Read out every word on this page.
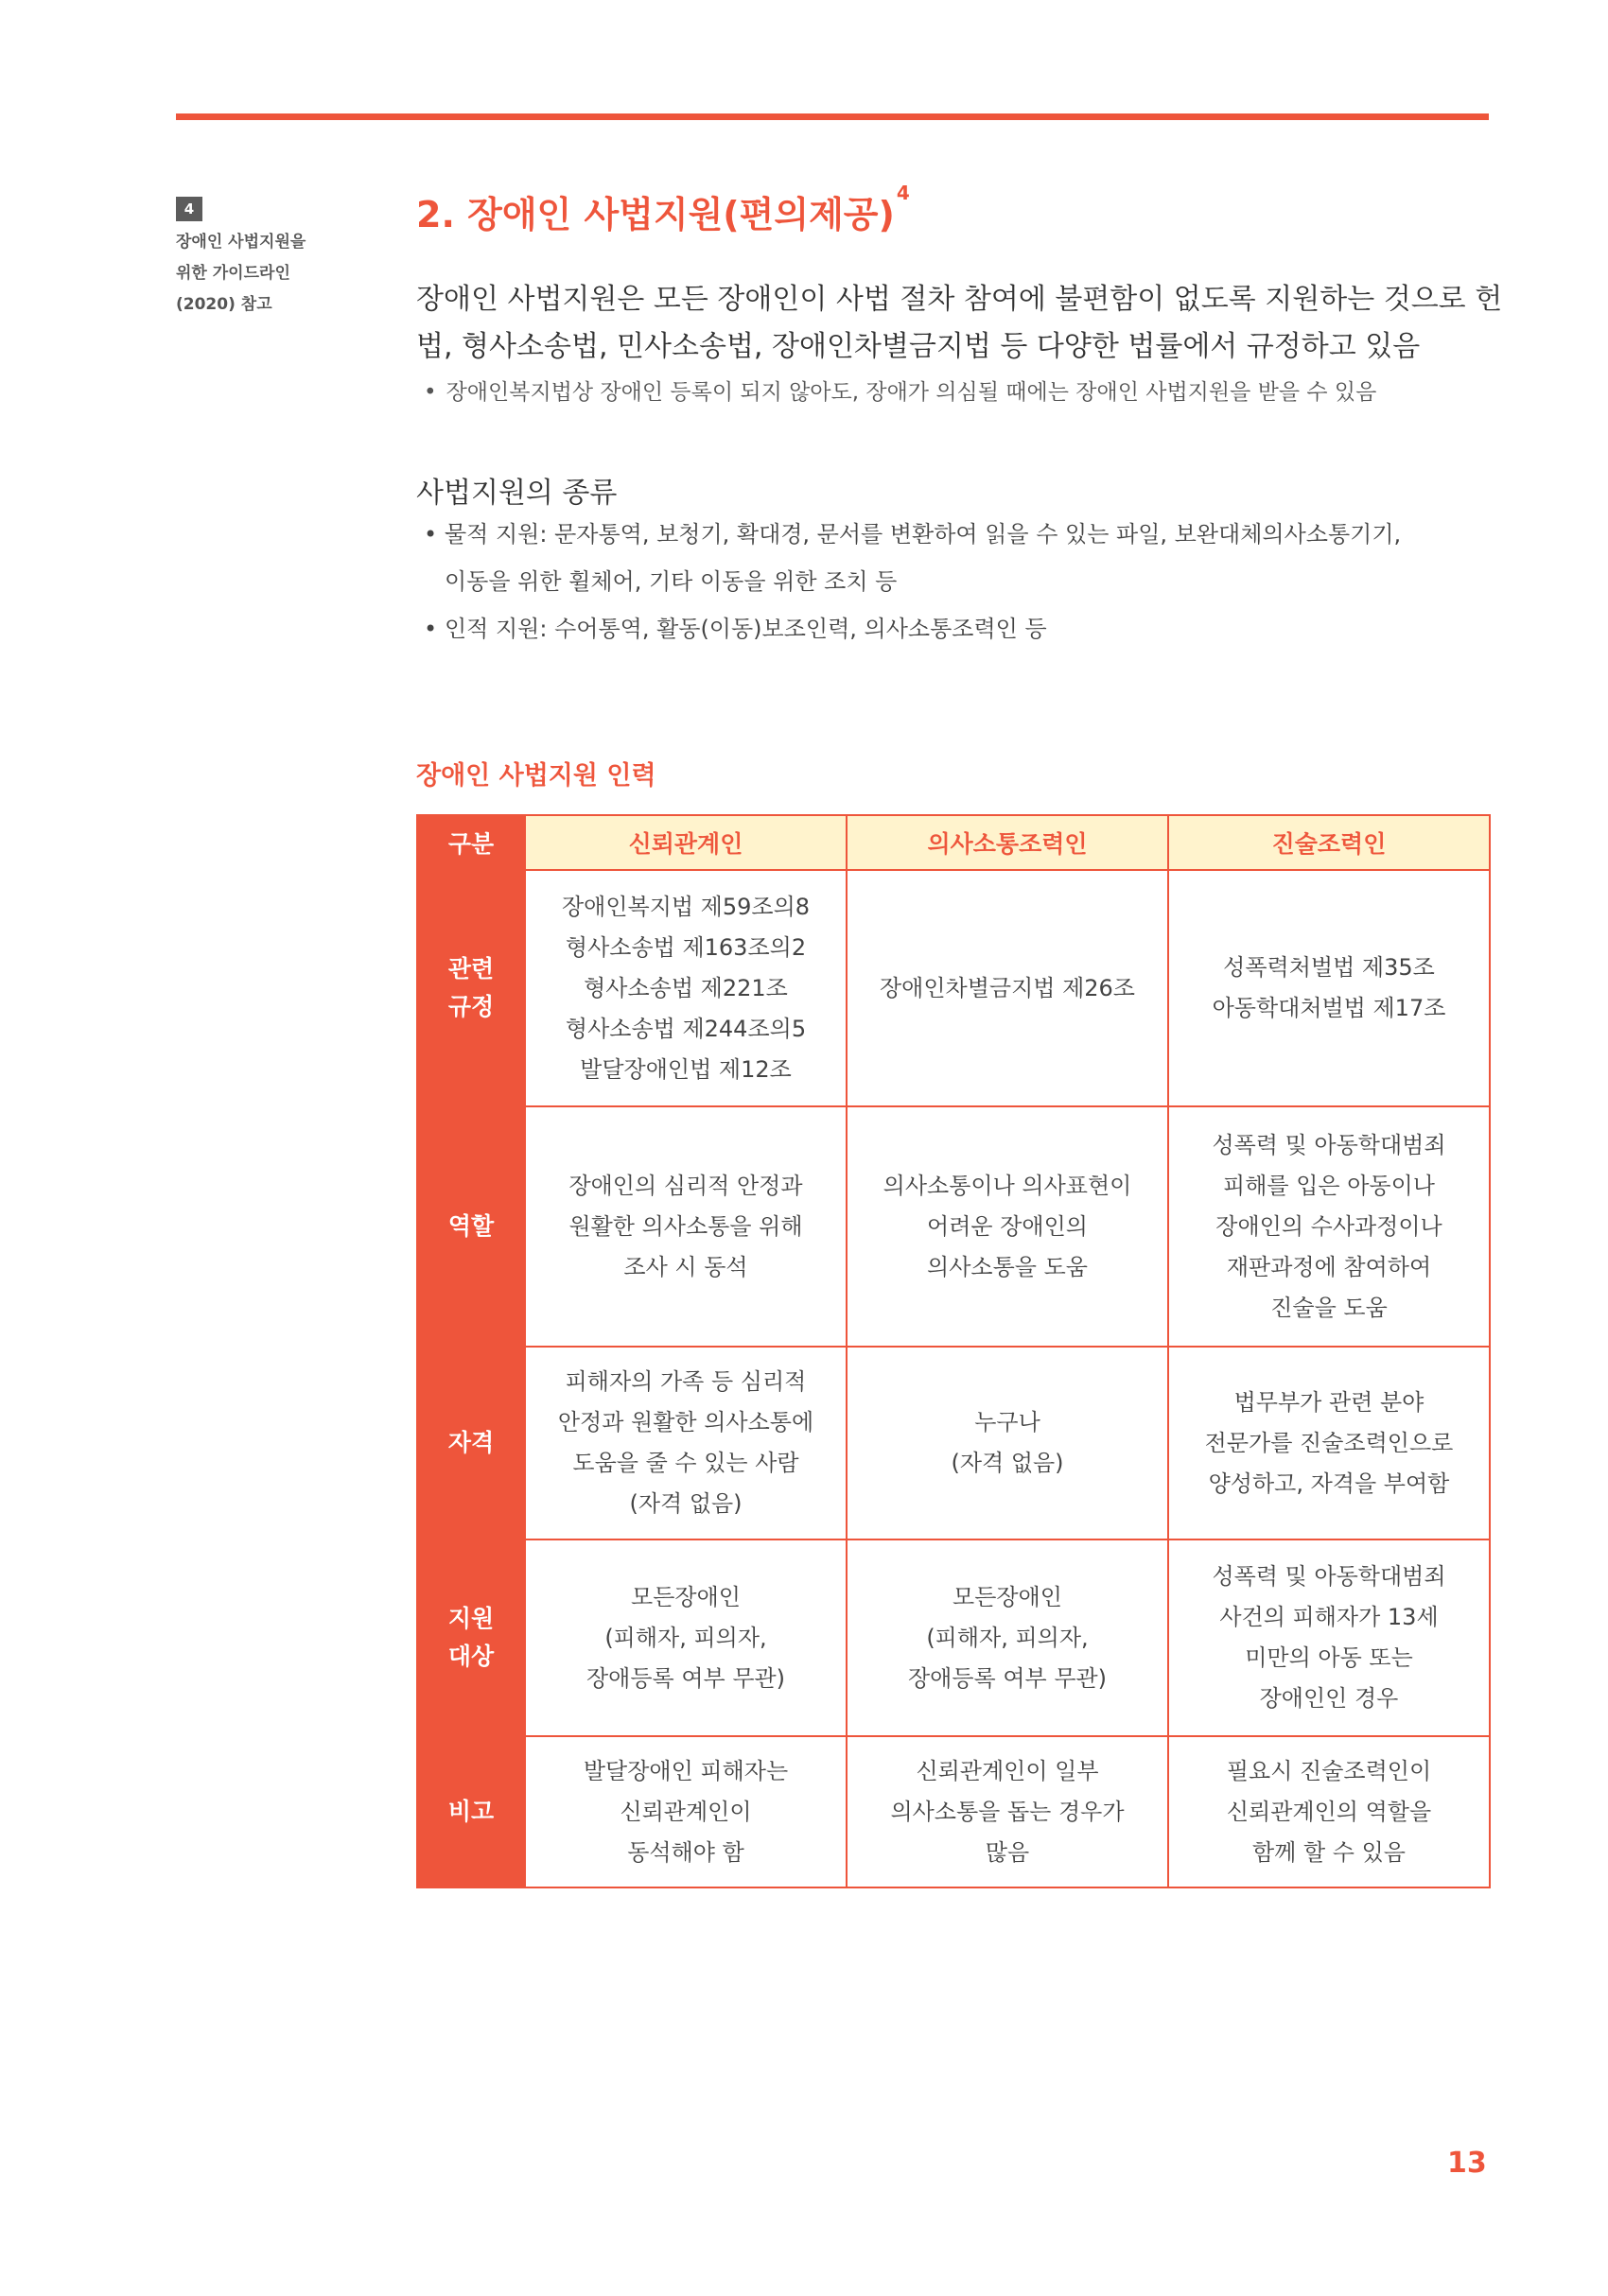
4
장애인 사법지원을
위한 가이드라인
(2020) 참고
2. 장애인 사법지원(편의제공)$^4$
장애인 사법지원은 모든 장애인이 사법 절차 참여에 불편함이 없도록 지원하는 것으로 헌
법, 형사소송법, 민사소송법, 장애인차별금지법 등 다양한 법률에서 규정하고 있음
• 장애인복지법상 장애인 등록이 되지 않아도, 장애가 의심될 때에는 장애인 사법지원을 받을 수 있음
사법지원의 종류
• 물적 지원: 문자통역, 보청기, 확대경, 문서를 변환하여 읽을 수 있는 파일, 보완대체의사소통기기,
이동을 위한 휠체어, 기타 이동을 위한 조치 등
• 인적 지원: 수어통역, 활동(이동)보조인력, 의사소통조력인 등
장애인 사법지원 인력
구분	신뢰관계인	의사소통조력인	진술조력인

관련
규정	장애인복지법 제59조의8
형사소송법 제163조의2
형사소송법 제221조
형사소송법 제244조의5
발달장애인법 제12조	장애인차별금지법 제26조	성폭력처벌법 제35조
아동학대처벌법 제17조

역할	장애인의 심리적 안정과
원활한 의사소통을 위해
조사 시 동석	의사소통이나 의사표현이
어려운 장애인의
의사소통을 도움	성폭력 및 아동학대범죄
피해를 입은 아동이나
장애인의 수사과정이나
재판과정에 참여하여
진술을 도움

자격	피해자의 가족 등 심리적
안정과 원활한 의사소통에
도움을 줄 수 있는 사람
(자격 없음)	누구나
(자격 없음)	법무부가 관련 분야
전문가를 진술조력인으로
양성하고, 자격을 부여함

지원
대상	모든장애인
(피해자, 피의자,
장애등록 여부 무관)	모든장애인
(피해자, 피의자,
장애등록 여부 무관)	성폭력 및 아동학대범죄
사건의 피해자가 13세
미만의 아동 또는
장애인인 경우

비고	발달장애인 피해자는
신뢰관계인이
동석해야 함	신뢰관계인이 일부
의사소통을 돕는 경우가
많음	필요시 진술조력인이
신뢰관계인의 역할을
함께 할 수 있음
13
